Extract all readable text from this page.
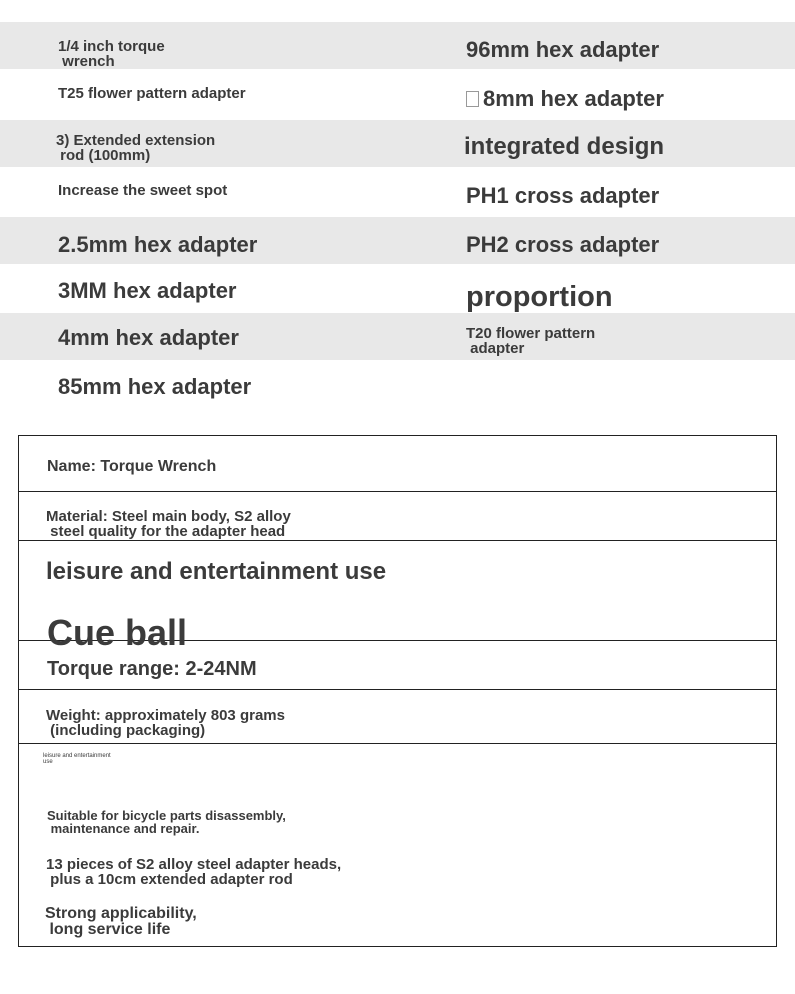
1/4 inch torque
wrench
T25 flower pattern adapter
3) Extended extension
rod (100mm)
Increase the sweet spot
2.5mm hex adapter
3MM hex adapter
4mm hex adapter
85mm hex adapter
96mm hex adapter
8mm hex adapter
integrated design
PH1 cross adapter
PH2 cross adapter
proportion
T20 flower pattern
adapter
Name: Torque Wrench
Material: Steel main body, S2 alloy
steel quality for the adapter head
leisure and entertainment use
Cue ball
Torque range: 2-24NM
Weight: approximately 803 grams
(including packaging)
leisure and entertainment
use
Suitable for bicycle parts disassembly,
maintenance and repair.
13 pieces of S2 alloy steel adapter heads,
plus a 10cm extended adapter rod
Strong applicability,
long service life
